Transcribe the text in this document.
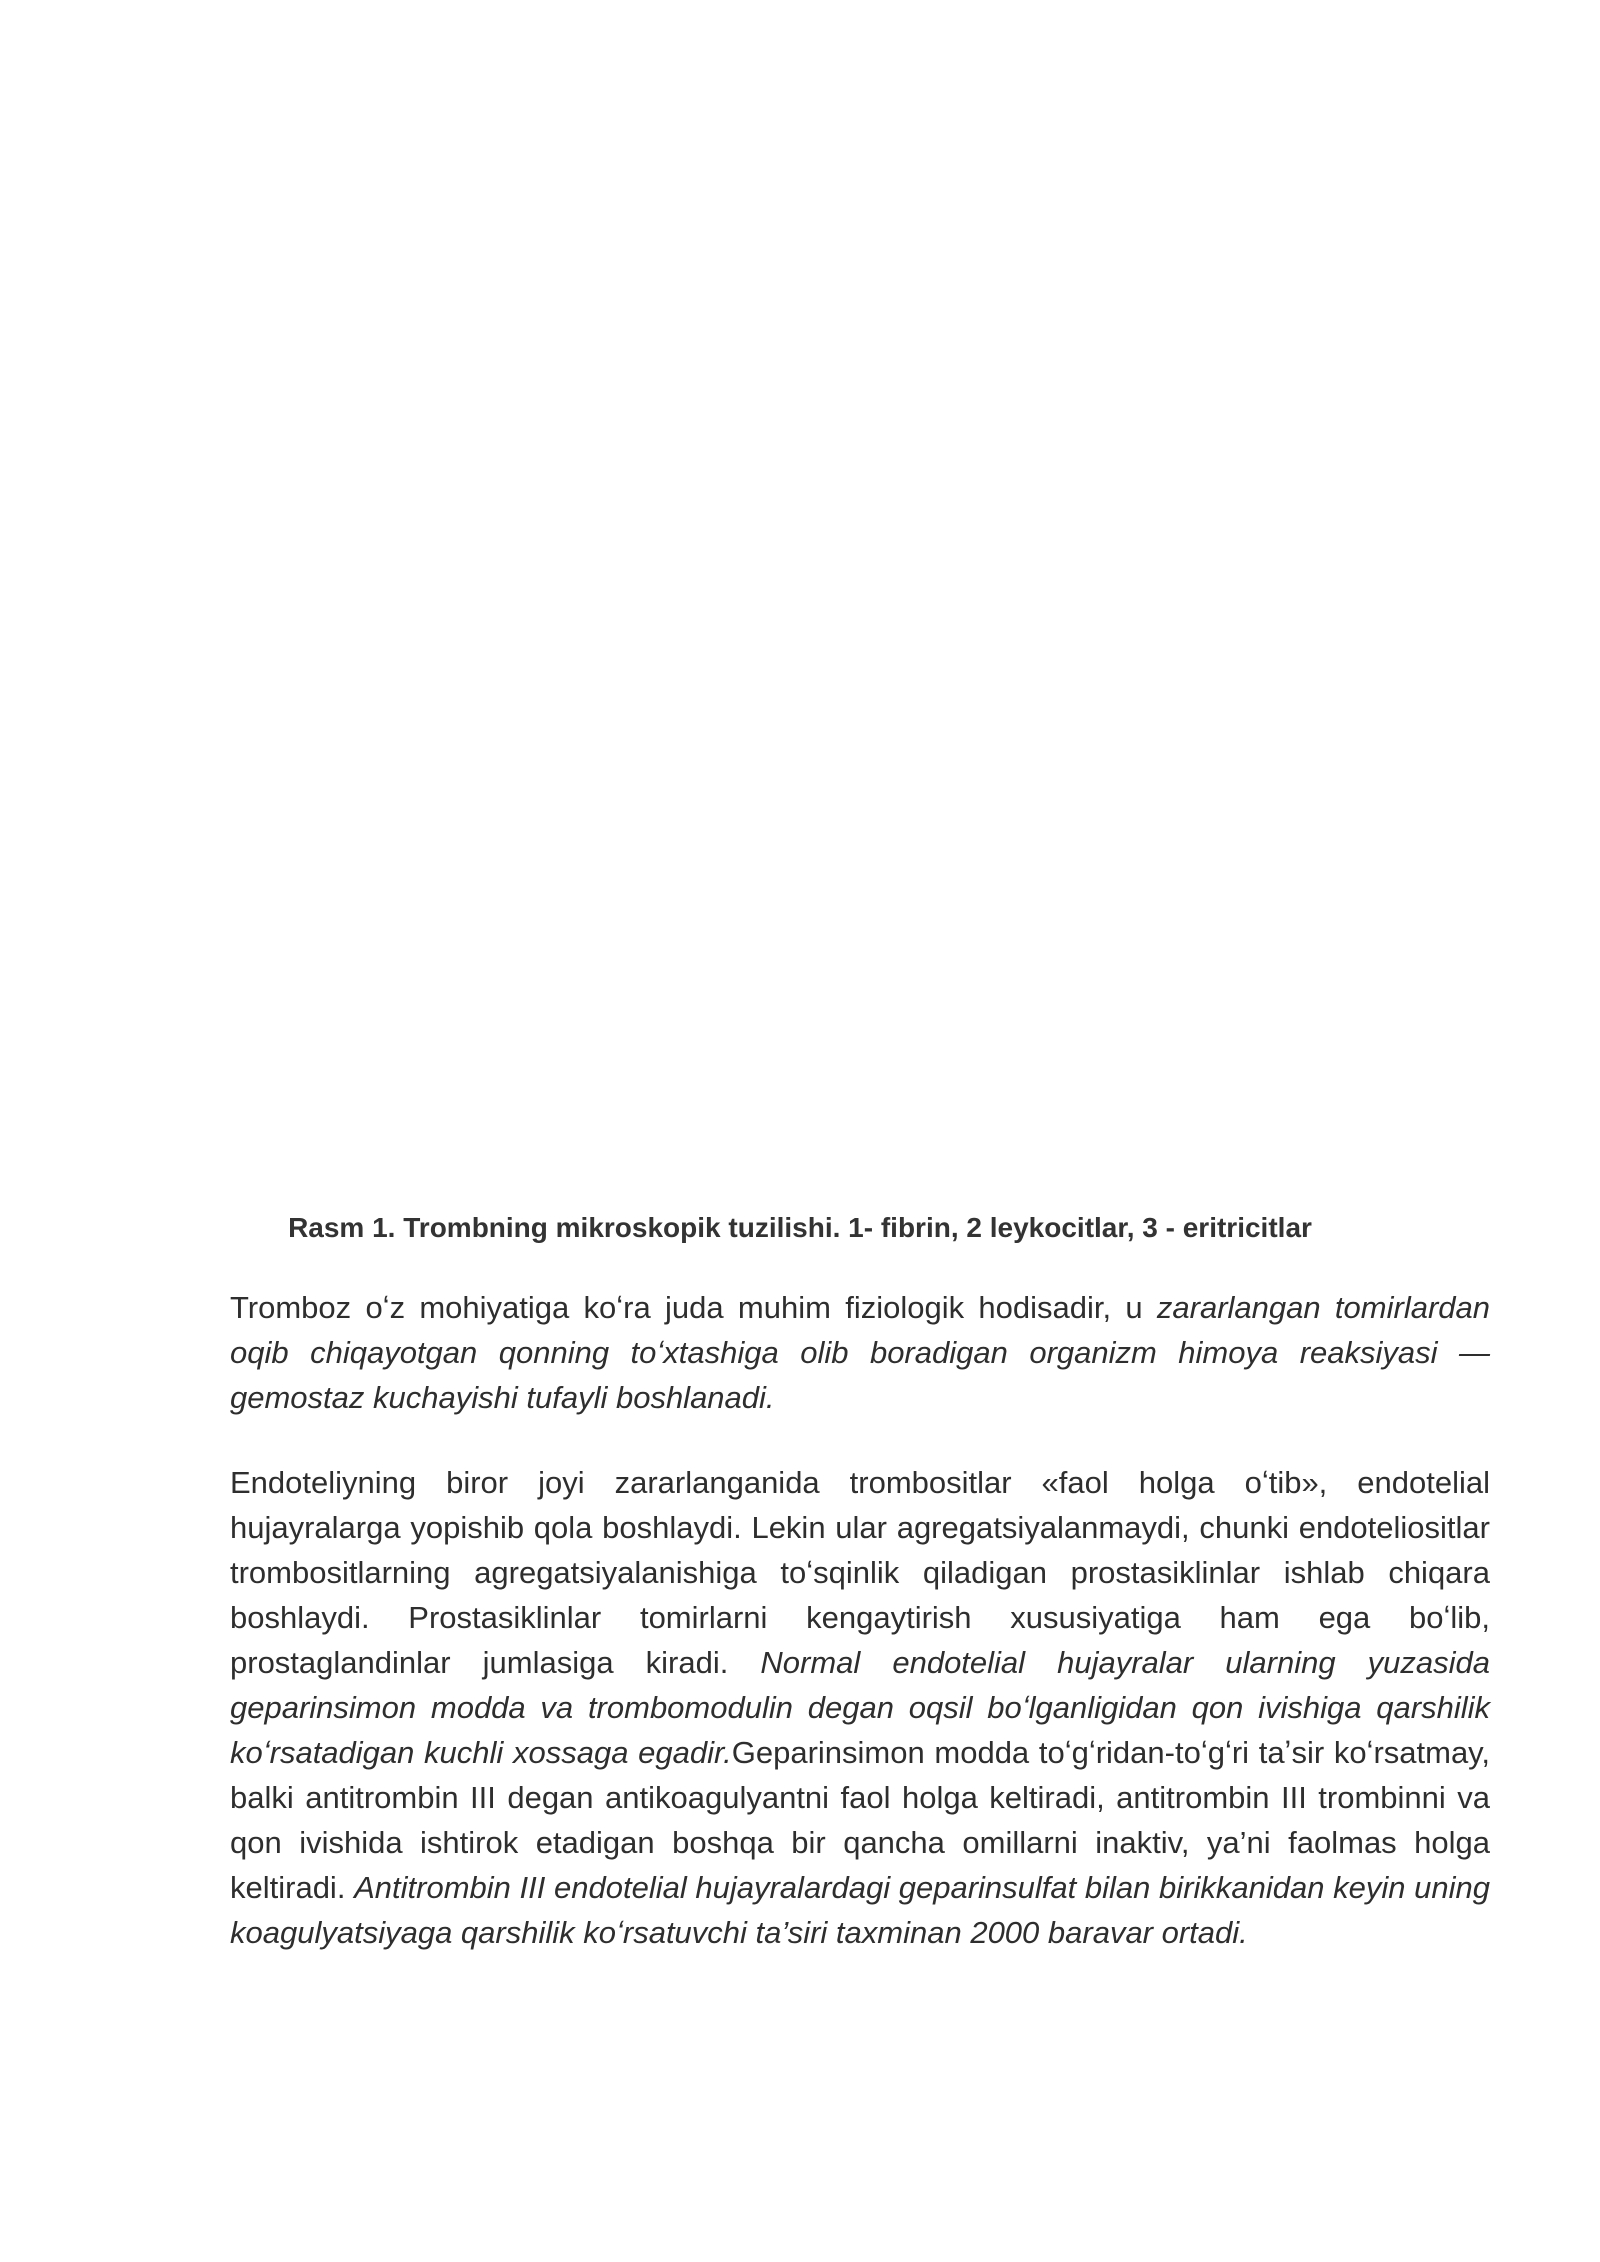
Rasm 1. Trombning mikroskopik tuzilishi. 1- fibrin, 2 leykocitlar, 3 - eritricitlar

Tromboz oʻz mohiyatiga koʻra juda muhim fiziologik hodisadir, u zararlangan tomirlardan oqib chiqayotgan qonning toʻxtashiga olib boradigan organizm himoya reaksiyasi — gemostaz kuchayishi tufayli boshlanadi.

Endoteliyning biror joyi zararlanganida trombositlar «faol holga oʻtib», endotelial hujayralarga yopishib qola boshlaydi. Lekin ular agregatsiyalanmaydi, chunki endoteliositlar trombositlarning agregatsiyalanishiga toʻsqinlik qiladigan prostasiklinlar ishlab chiqara boshlaydi. Prostasiklinlar tomirlarni kengaytirish xususiyatiga ham ega boʻlib, prostaglandinlar jumlasiga kiradi. Normal endotelial hujayralar ularning yuzasida geparinsimon modda va trombomodulin degan oqsil boʻlganligidan qon ivishiga qarshilik koʻrsatadigan kuchli xossaga egadir.Geparinsimon modda toʻgʻridan-toʻgʻri taʼsir koʻrsatmay, balki antitrombin III degan antikoagulyantni faol holga keltiradi, antitrombin III trombinni va qon ivishida ishtirok etadigan boshqa bir qancha omillarni inaktiv, ya’ni faolmas holga keltiradi. Antitrombin III endotelial hujayralardagi geparinsulfat bilan birikkanidan keyin uning koagulyatsiyaga qarshilik koʻrsatuvchi ta’siri taxminan 2000 baravar ortadi.
